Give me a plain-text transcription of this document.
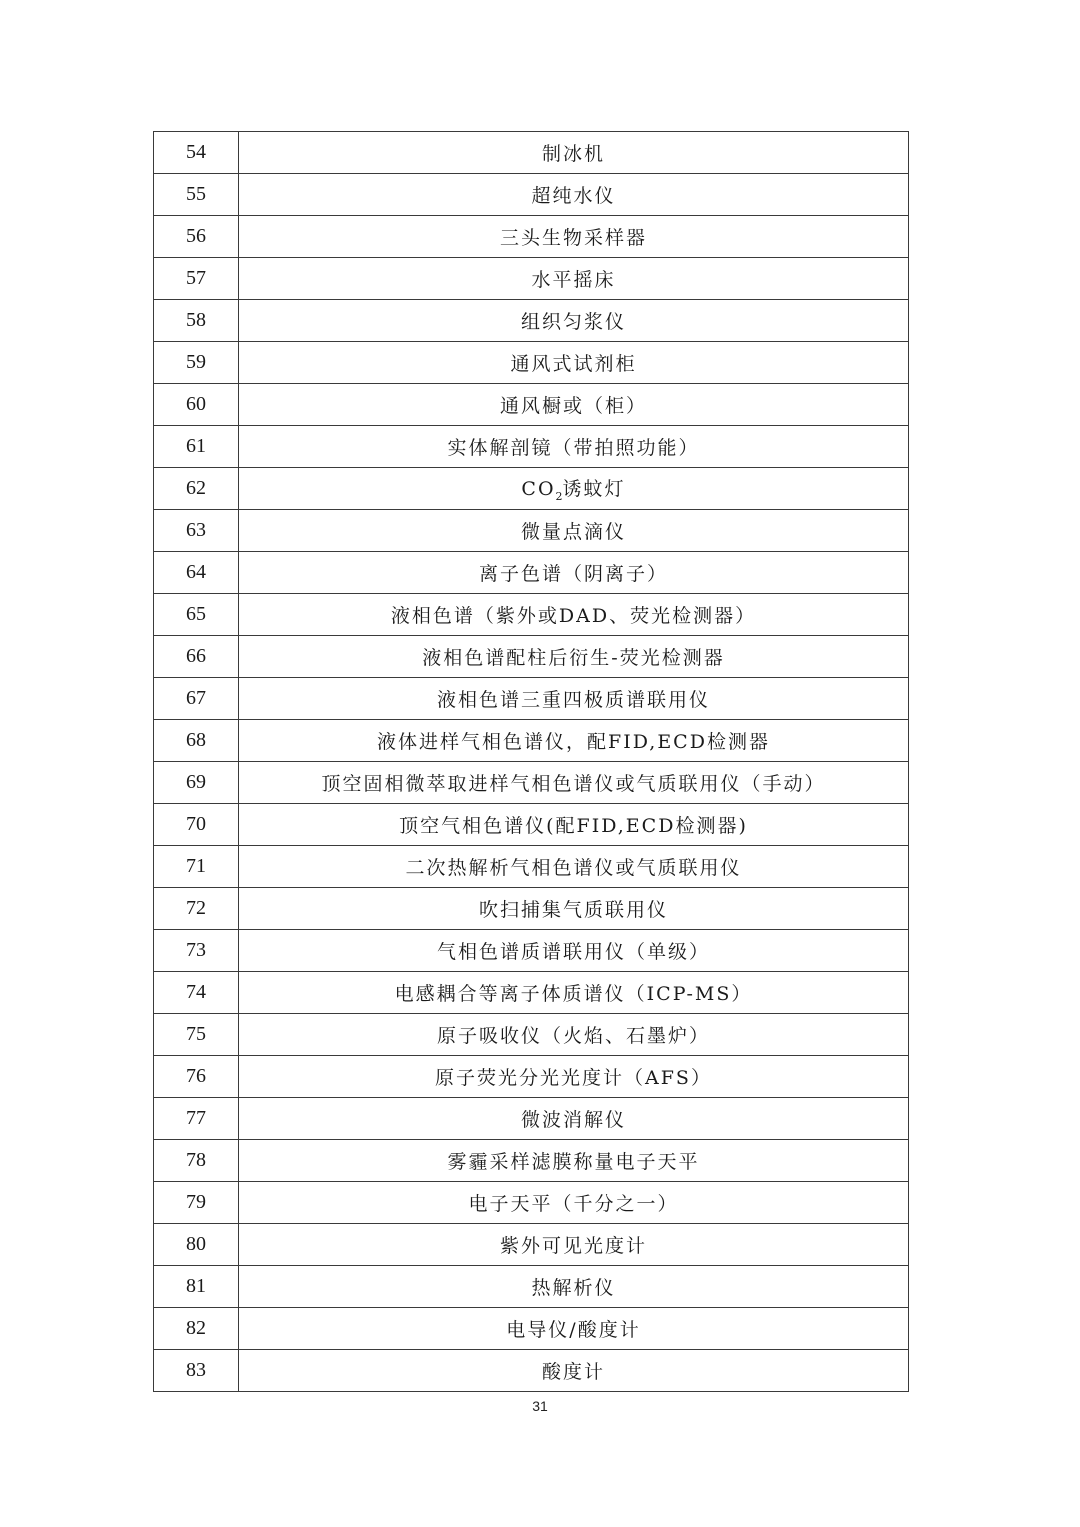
54	制冰机
55	超纯水仪
56	三头生物采样器
57	水平摇床
58	组织匀浆仪
59	通风式试剂柜
60	通风橱或（柜）
61	实体解剖镜（带拍照功能）
62	$CO_2$诱蚊灯
63	微量点滴仪
64	离子色谱（阴离子）
65	液相色谱（紫外或DAD、荧光检测器）
66	液相色谱配柱后衍生-荧光检测器
67	液相色谱三重四极质谱联用仪
68	液体进样气相色谱仪，配FID,ECD检测器
69	顶空固相微萃取进样气相色谱仪或气质联用仪（手动）
70	顶空气相色谱仪(配FID,ECD检测器)
71	二次热解析气相色谱仪或气质联用仪
72	吹扫捕集气质联用仪
73	气相色谱质谱联用仪（单级）
74	电感耦合等离子体质谱仪（ICP-MS）
75	原子吸收仪（火焰、石墨炉）
76	原子荧光分光光度计（AFS）
77	微波消解仪
78	雾霾采样滤膜称量电子天平
79	电子天平（千分之一）
80	紫外可见光度计
81	热解析仪
82	电导仪/酸度计
83	酸度计
31
